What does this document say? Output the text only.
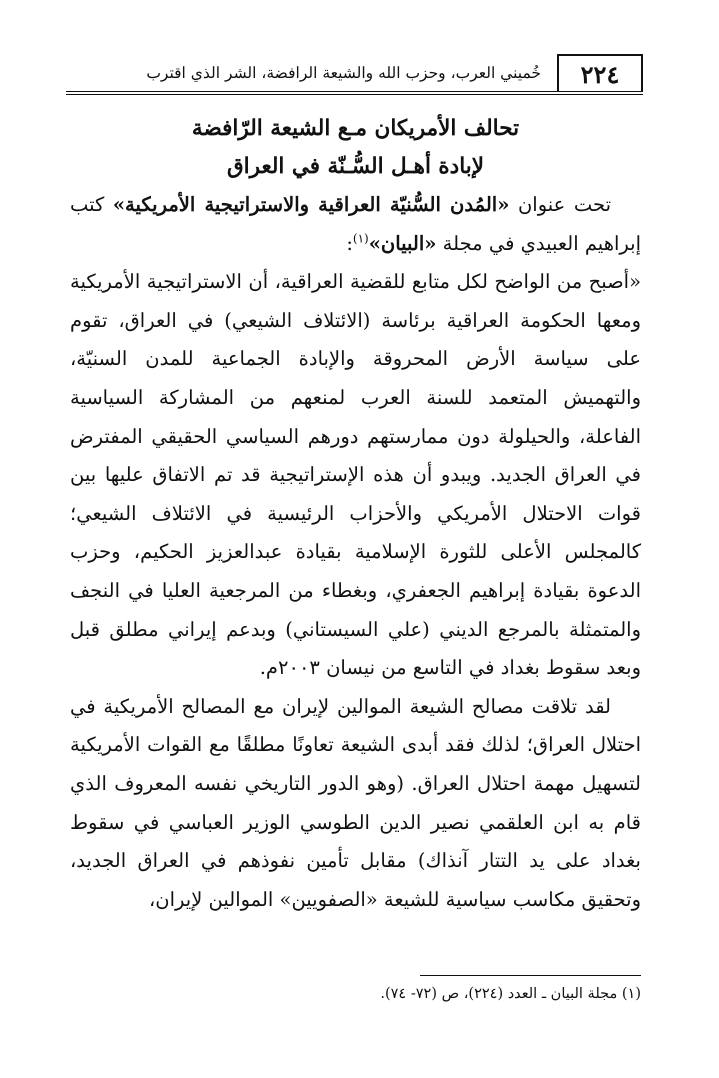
٢٢٤
خُميني العرب، وحزب الله والشيعة الرافضة، الشر الذي اقترب

تحالف الأمريكان مـع الشيعة الرّافضة

لإبادة أهـل السُّـنّة في العراق

تحت عنوان «المُدن السُّنيّة العراقية والاستراتيجية الأمريكية» كتب إبراهيم العبيدي في مجلة «البيان»$^{(١)}$:

«أصبح من الواضح لكل متابع للقضية العراقية، أن الاستراتيجية الأمريكية ومعها الحكومة العراقية برئاسة (الائتلاف الشيعي) في العراق، تقوم على سياسة الأرض المحروقة والإبادة الجماعية للمدن السنيّة، والتهميش المتعمد للسنة العرب لمنعهم من المشاركة السياسية الفاعلة، والحيلولة دون ممارستهم دورهم السياسي الحقيقي المفترض في العراق الجديد. ويبدو أن هذه الإستراتيجية قد تم الاتفاق عليها بين قوات الاحتلال الأمريكي والأحزاب الرئيسية في الائتلاف الشيعي؛ كالمجلس الأعلى للثورة الإسلامية بقيادة عبدالعزيز الحكيم، وحزب الدعوة بقيادة إبراهيم الجعفري، وبغطاء من المرجعية العليا في النجف والمتمثلة بالمرجع الديني (علي السيستاني) وبدعم إيراني مطلق قبل وبعد سقوط بغداد في التاسع من نيسان ٢٠٠٣م.

لقد تلاقت مصالح الشيعة الموالين لإيران مع المصالح الأمريكية في احتلال العراق؛ لذلك فقد أبدى الشيعة تعاونًا مطلقًا مع القوات الأمريكية لتسهيل مهمة احتلال العراق. (وهو الدور التاريخي نفسه المعروف الذي قام به ابن العلقمي نصير الدين الطوسي الوزير العباسي في سقوط بغداد على يد التتار آنذاك) مقابل تأمين نفوذهم في العراق الجديد، وتحقيق مكاسب سياسية للشيعة «الصفويين» الموالين لإيران،

(١) مجلة البيان ـ العدد (٢٢٤)، ص (٧٢- ٧٤).
